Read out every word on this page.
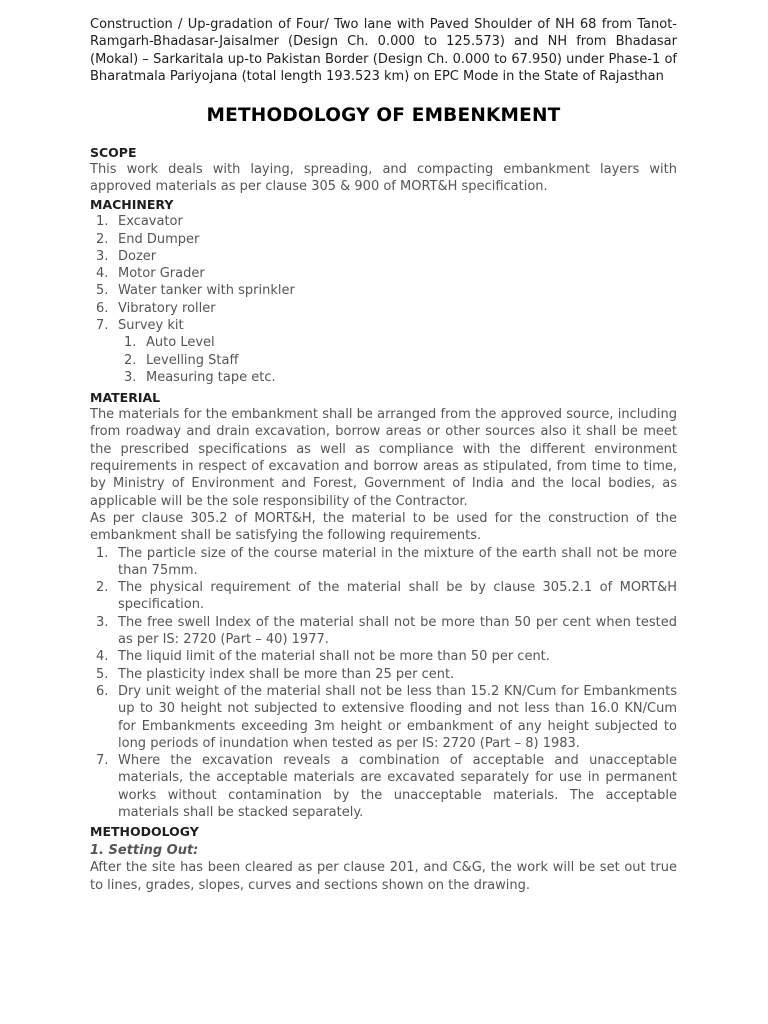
Construction / Up-gradation of Four/ Two lane with Paved Shoulder of NH 68 from Tanot-Ramgarh-Bhadasar-Jaisalmer (Design Ch. 0.000 to 125.573) and NH from Bhadasar (Mokal) – Sarkaritala up-to Pakistan Border (Design Ch. 0.000 to 67.950) under Phase-1 of Bharatmala Pariyojana (total length 193.523 km) on EPC Mode in the State of Rajasthan

METHODOLOGY OF EMBENKMENT
SCOPE

This work deals with laying, spreading, and compacting embankment layers with approved materials as per clause 305 & 900 of MORT&H specification.

MACHINERY
1. Excavator
2. End Dumper
3. Dozer
4. Motor Grader
5. Water tanker with sprinkler
6. Vibratory roller
7. Survey kit
1. Auto Level
2. Levelling Staff
3. Measuring tape etc.
MATERIAL

The materials for the embankment shall be arranged from the approved source, including from roadway and drain excavation, borrow areas or other sources also it shall be meet the prescribed specifications as well as compliance with the different environment requirements in respect of excavation and borrow areas as stipulated, from time to time, by Ministry of Environment and Forest, Government of India and the local bodies, as applicable will be the sole responsibility of the Contractor.

As per clause 305.2 of MORT&H, the material to be used for the construction of the embankment shall be satisfying the following requirements.

1. The particle size of the course material in the mixture of the earth shall not be more than 75mm.
2. The physical requirement of the material shall be by clause 305.2.1 of MORT&H specification.
3. The free swell Index of the material shall not be more than 50 per cent when tested as per IS: 2720 (Part – 40) 1977.
4. The liquid limit of the material shall not be more than 50 per cent.
5. The plasticity index shall be more than 25 per cent.
6. Dry unit weight of the material shall not be less than 15.2 KN/Cum for Embankments up to 30 height not subjected to extensive flooding and not less than 16.0 KN/Cum for Embankments exceeding 3m height or embankment of any height subjected to long periods of inundation when tested as per IS: 2720 (Part – 8) 1983.
7. Where the excavation reveals a combination of acceptable and unacceptable materials, the acceptable materials are excavated separately for use in permanent works without contamination by the unacceptable materials. The acceptable materials shall be stacked separately.
METHODOLOGY
1. Setting Out:

After the site has been cleared as per clause 201, and C&G, the work will be set out true to lines, grades, slopes, curves and sections shown on the drawing.
